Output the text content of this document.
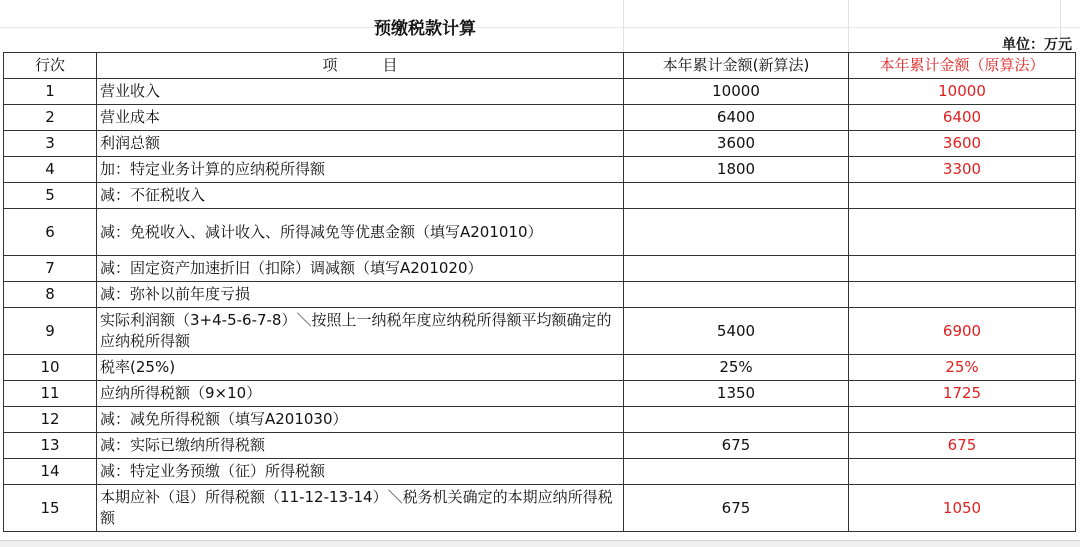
预缴税款计算
单位：万元
行次	项　　　目	本年累计金额(新算法)	本年累计金额（原算法）
1	营业收入	10000	10000
2	营业成本	6400	6400
3	利润总额	3600	3600
4	加：特定业务计算的应纳税所得额	1800	3300
5	减：不征税收入		
6	减：免税收入、减计收入、所得减免等优惠金额（填写A201010）		
7	减：固定资产加速折旧（扣除）调减额（填写A201020）		
8	减：弥补以前年度亏损		
9	实际利润额（3+4-5-6-7-8）＼按照上一纳税年度应纳税所得额平均额确定的应纳税所得额	5400	6900
10	税率(25%)	25%	25%
11	应纳所得税额（9×10）	1350	1725
12	减：减免所得税额（填写A201030）		
13	减：实际已缴纳所得税额	675	675
14	减：特定业务预缴（征）所得税额		
15	本期应补（退）所得税额（11-12-13-14）＼税务机关确定的本期应纳所得税额	675	1050
